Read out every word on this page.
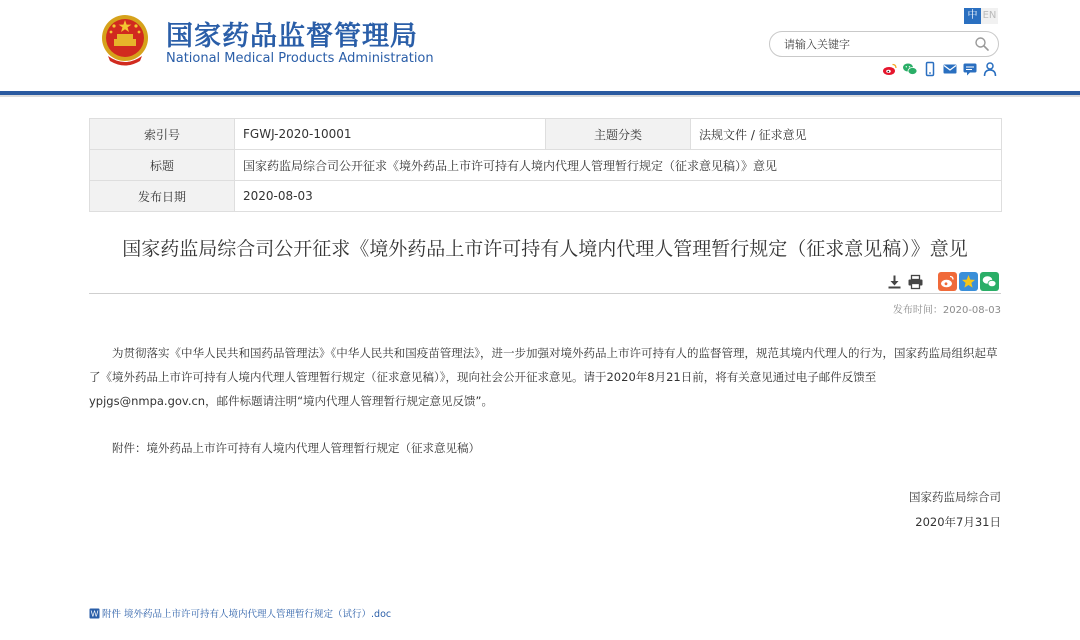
国家药品监督管理局
National Medical Products Administration
中 EN
请输入关键字
索引号	FGWJ-2020-10001	主题分类	法规文件 / 征求意见
标题	国家药监局综合司公开征求《境外药品上市许可持有人境内代理人管理暂行规定（征求意见稿）》意见		
发布日期	2020-08-03		
国家药监局综合司公开征求《境外药品上市许可持有人境内代理人管理暂行规定（征求意见稿）》意见
发布时间：2020-08-03

为贯彻落实《中华人民共和国药品管理法》《中华人民共和国疫苗管理法》，进一步加强对境外药品上市许可持有人的监督管理，规范其境内代理人的行为，国家药监局组织起草了《境外药品上市许可持有人境内代理人管理暂行规定（征求意见稿）》，现向社会公开征求意见。请于2020年8月21日前，将有关意见通过电子邮件反馈至ypjgs@nmpa.gov.cn，邮件标题请注明“境内代理人管理暂行规定意见反馈”。

附件：境外药品上市许可持有人境内代理人管理暂行规定（征求意见稿）
国家药监局综合司
2020年7月31日
W 附件 境外药品上市许可持有人境内代理人管理暂行规定（试行）.doc
